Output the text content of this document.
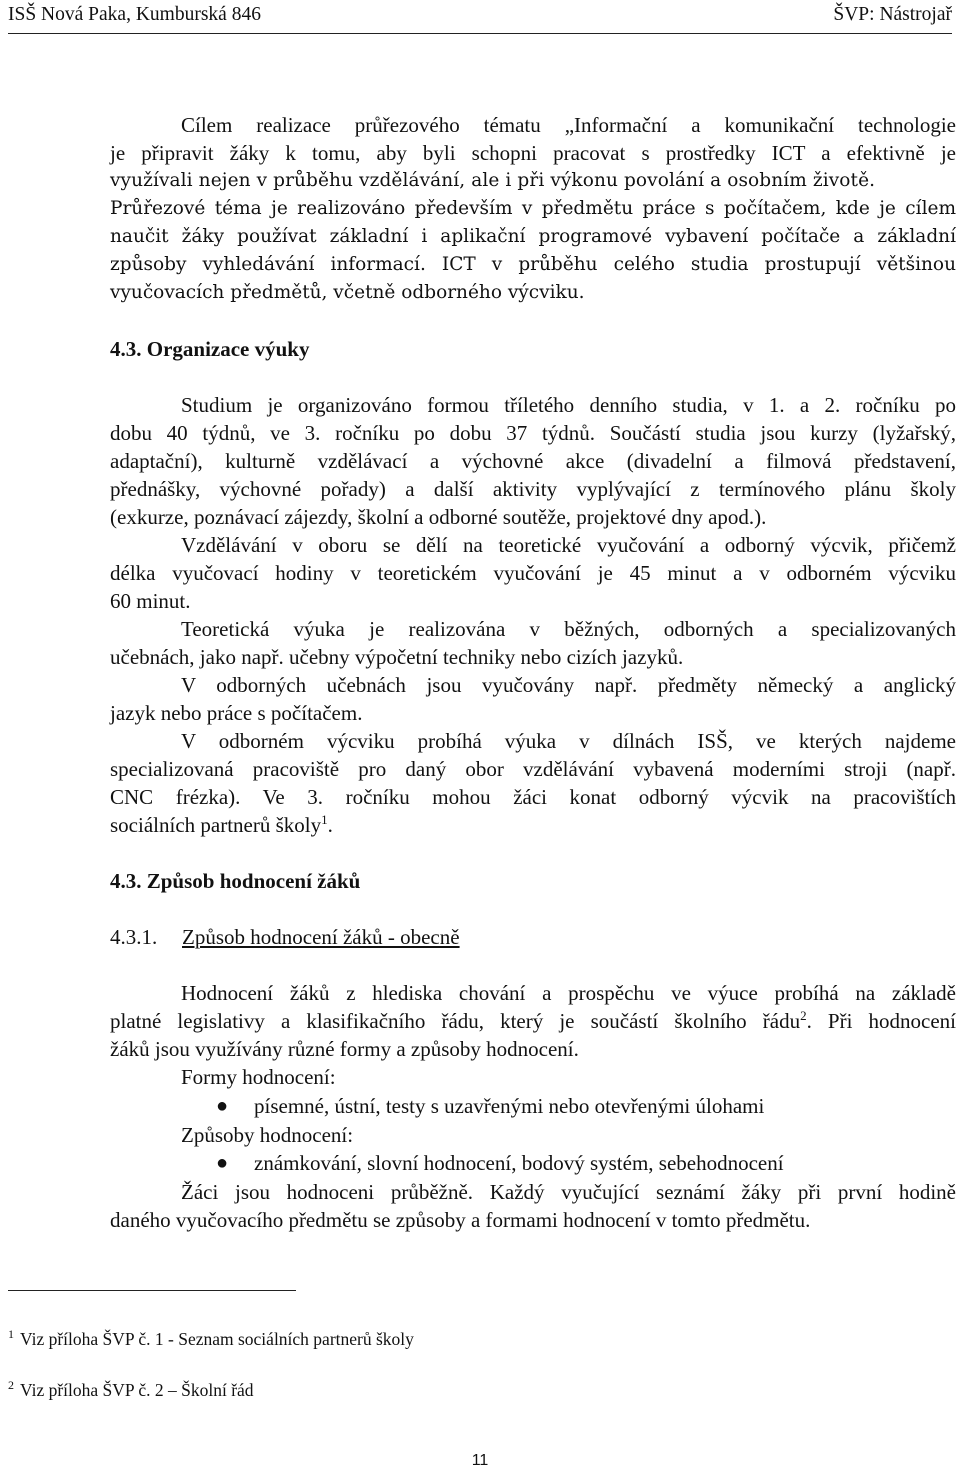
ISŠ Nová Paka, Kumburská 846	ŠVP: Nástrojař
Cílem realizace průřezového tématu „Informační a komunikační technologie
je připravit žáky k tomu, aby byli schopni pracovat s prostředky ICT a efektivně je
využívali nejen v průběhu vzdělávání, ale i při výkonu povolání a osobním životě.
Průřezové téma je realizováno především v předmětu práce s počítačem, kde je cílem
naučit žáky používat základní i aplikační programové vybavení počítače a základní
způsoby vyhledávání informací. ICT v průběhu celého studia prostupují většinou
vyučovacích předmětů, včetně odborného výcviku.
4.3. Organizace výuky
Studium je organizováno formou tříletého denního studia, v 1. a 2. ročníku po
dobu 40 týdnů, ve 3. ročníku po dobu 37 týdnů. Součástí studia jsou kurzy (lyžařský,
adaptační), kulturně vzdělávací a výchovné akce (divadelní a filmová představení,
přednášky, výchovné pořady) a další aktivity vyplývající z termínového plánu školy
(exkurze, poznávací zájezdy, školní a odborné soutěže, projektové dny apod.).
Vzdělávání v oboru se dělí na teoretické vyučování a odborný výcvik, přičemž
délka vyučovací hodiny v teoretickém vyučování je 45 minut a v odborném výcviku
60 minut.
Teoretická výuka je realizována v běžných, odborných a specializovaných
učebnách, jako např. učebny výpočetní techniky nebo cizích jazyků.
V odborných učebnách jsou vyučovány např. předměty německý a anglický
jazyk nebo práce s počítačem.
V odborném výcviku probíhá výuka v dílnách ISŠ, ve kterých najdeme
specializovaná pracoviště pro daný obor vzdělávání vybavená moderními stroji (např.
CNC frézka). Ve 3. ročníku mohou žáci konat odborný výcvik na pracovištích
sociálních partnerů školy$^1$.
4.3. Způsob hodnocení žáků
4.3.1. Způsob hodnocení žáků - obecně
Hodnocení žáků z hlediska chování a prospěchu ve výuce probíhá na základě
platné legislativy a klasifikačního řádu, který je součástí školního řádu$^2$. Při hodnocení
žáků jsou využívány různé formy a způsoby hodnocení.
Formy hodnocení:
● písemné, ústní, testy s uzavřenými nebo otevřenými úlohami
Způsoby hodnocení:
● známkování, slovní hodnocení, bodový systém, sebehodnocení
Žáci jsou hodnoceni průběžně. Každý vyučující seznámí žáky při první hodině
daného vyučovacího předmětu se způsoby a formami hodnocení v tomto předmětu.
$^1$ Viz příloha ŠVP č. 1 - Seznam sociálních partnerů školy
$^2$ Viz příloha ŠVP č. 2 – Školní řád
11
